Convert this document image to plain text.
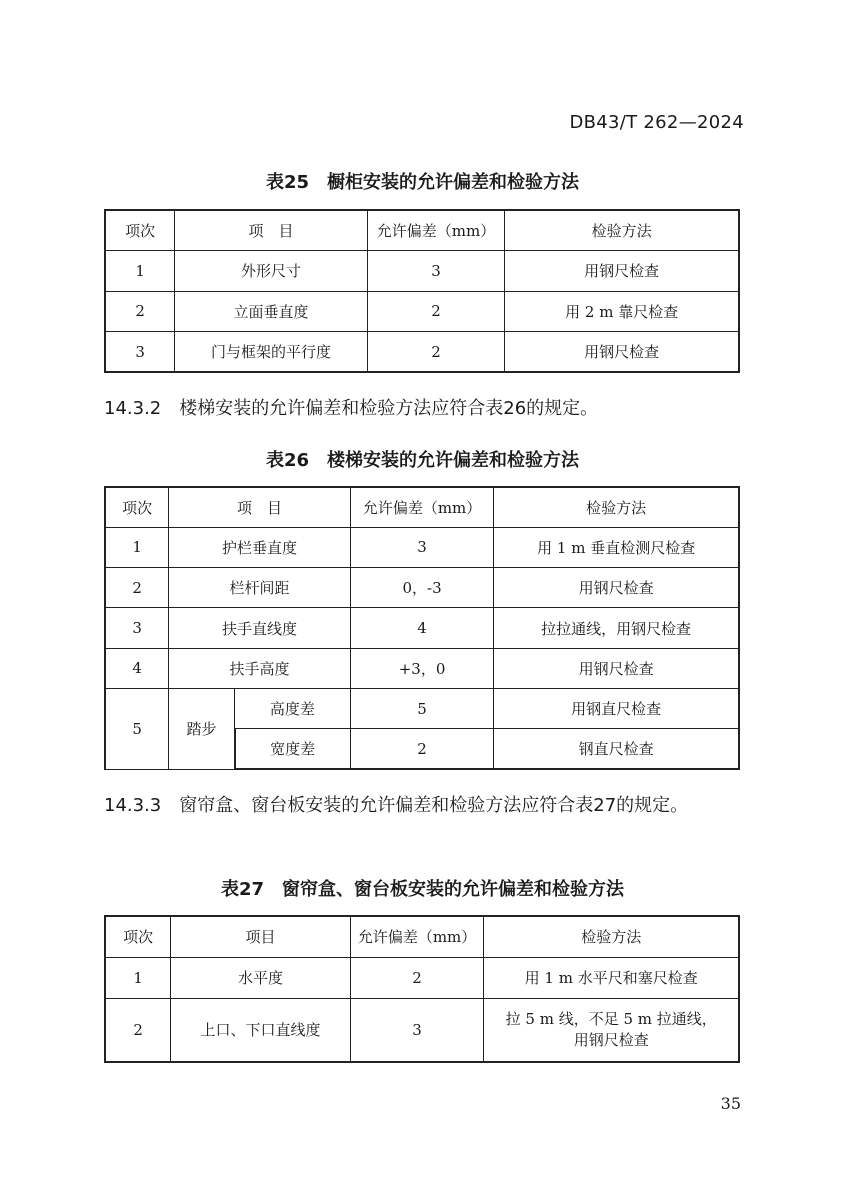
DB43/T 262—2024
表25　橱柜安装的允许偏差和检验方法
项次	项　目	允许偏差（mm）	检验方法
1	外形尺寸	3	用钢尺检查
2	立面垂直度	2	用 2 m 靠尺检查
3	门与框架的平行度	2	用钢尺检查
14.3.2　楼梯安装的允许偏差和检验方法应符合表26的规定。
表26　楼梯安装的允许偏差和检验方法
项次	项　目		允许偏差（mm）	检验方法
1	护栏垂直度		3	用 1 m 垂直检测尺检查
2	栏杆间距		0，-3	用钢尺检查
3	扶手直线度		4	拉拉通线，用钢尺检查
4	扶手高度		+3，0	用钢尺检查
5	踏步	高度差	5	用钢直尺检查
		宽度差	2	钢直尺检查
14.3.3　窗帘盒、窗台板安装的允许偏差和检验方法应符合表27的规定。
表27　窗帘盒、窗台板安装的允许偏差和检验方法
项次	项目	允许偏差（mm）	检验方法
1	水平度	2	用 1 m 水平尺和塞尺检查
2	上口、下口直线度	3	拉 5 m 线，不足 5 m 拉通线，
用钢尺检查
35
